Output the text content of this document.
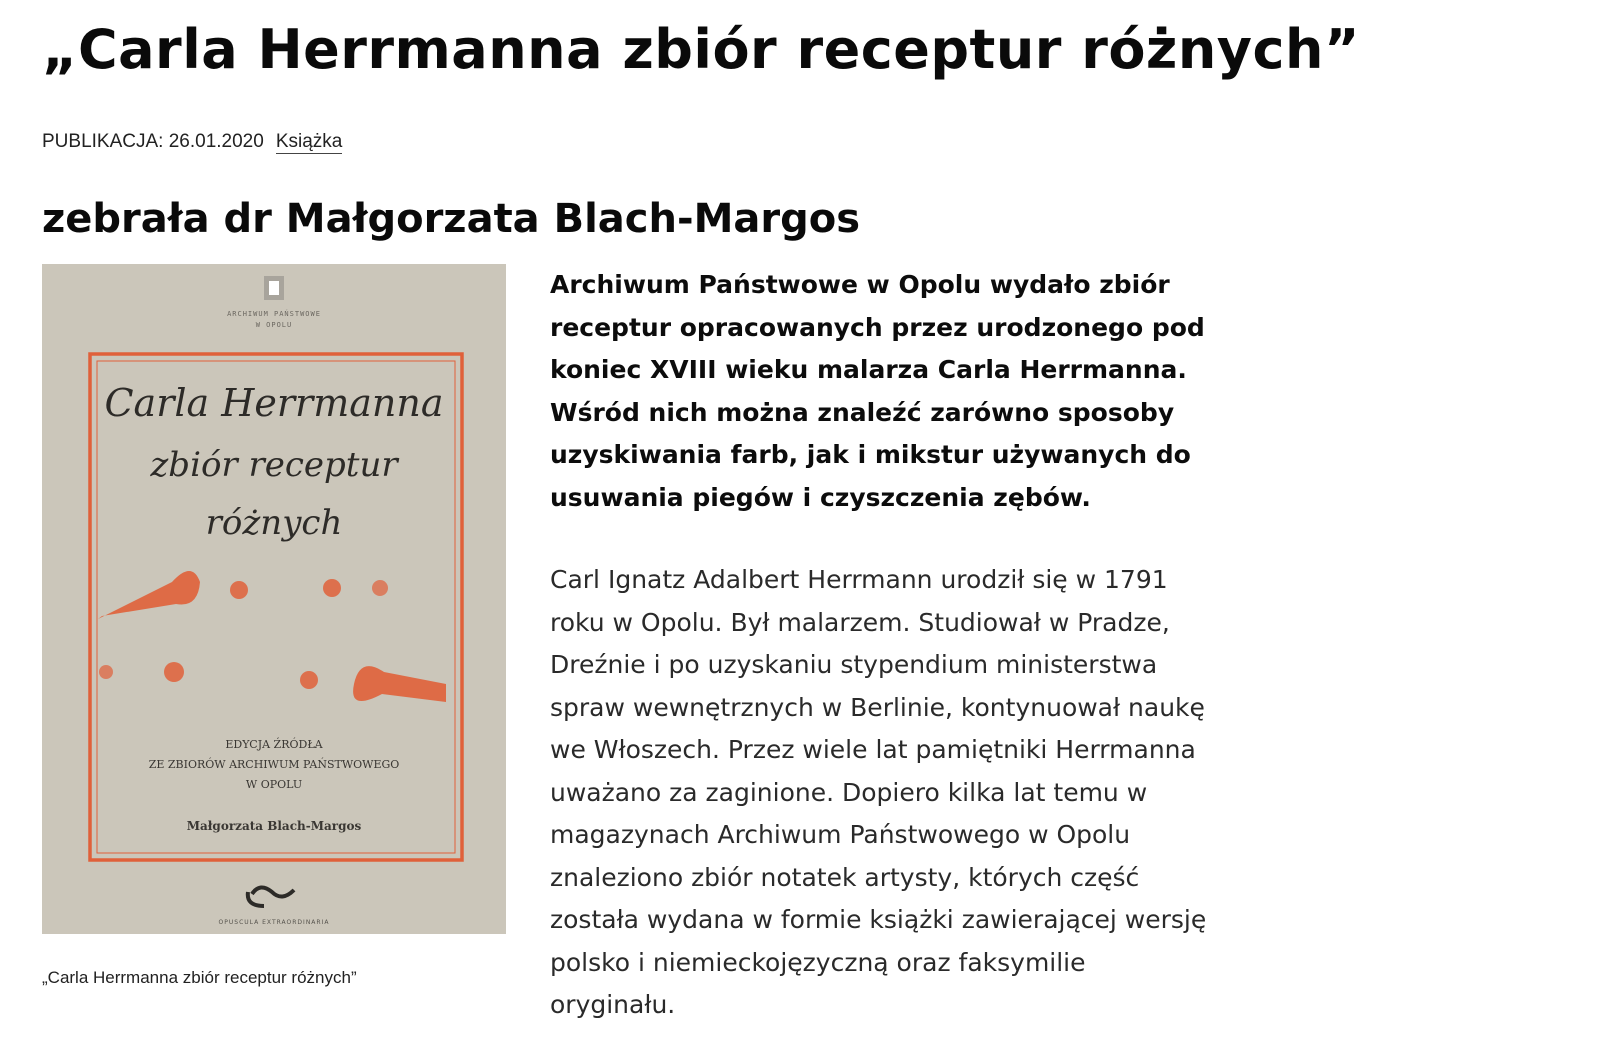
„Carla Herrmanna zbiór receptur różnych”
PUBLIKACJA: 26.01.2020 Książka
zebrała dr Małgorzata Blach-Margos
ARCHIWUM PAŃSTWOWE
W OPOLU
Carla Herrmanna
zbiór receptur
różnych
EDYCJA ŹRÓDŁA
ZE ZBIORÓW ARCHIWUM PAŃSTWOWEGO
W OPOLU
Małgorzata Blach-Margos
OPUSCULA EXTRAORDINARIA
„Carla Herrmanna zbiór receptur różnych”

Archiwum Państwowe w Opolu wydało zbiór receptur opracowanych przez urodzonego pod koniec XVIII wieku malarza Carla Herrmanna. Wśród nich można znaleźć zarówno sposoby uzyskiwania farb, jak i mikstur używanych do usuwania piegów i czyszczenia zębów.

Carl Ignatz Adalbert Herrmann urodził się w 1791 roku w Opolu. Był malarzem. Studiował w Pradze, Dreźnie i po uzyskaniu stypendium ministerstwa spraw wewnętrznych w Berlinie, kontynuował naukę we Włoszech. Przez wiele lat pamiętniki Herrmanna uważano za zaginione. Dopiero kilka lat temu w magazynach Archiwum Państwowego w Opolu znaleziono zbiór notatek artysty, których część została wydana w formie książki zawierającej wersję polsko i niemieckojęzyczną oraz faksymilie oryginału.
